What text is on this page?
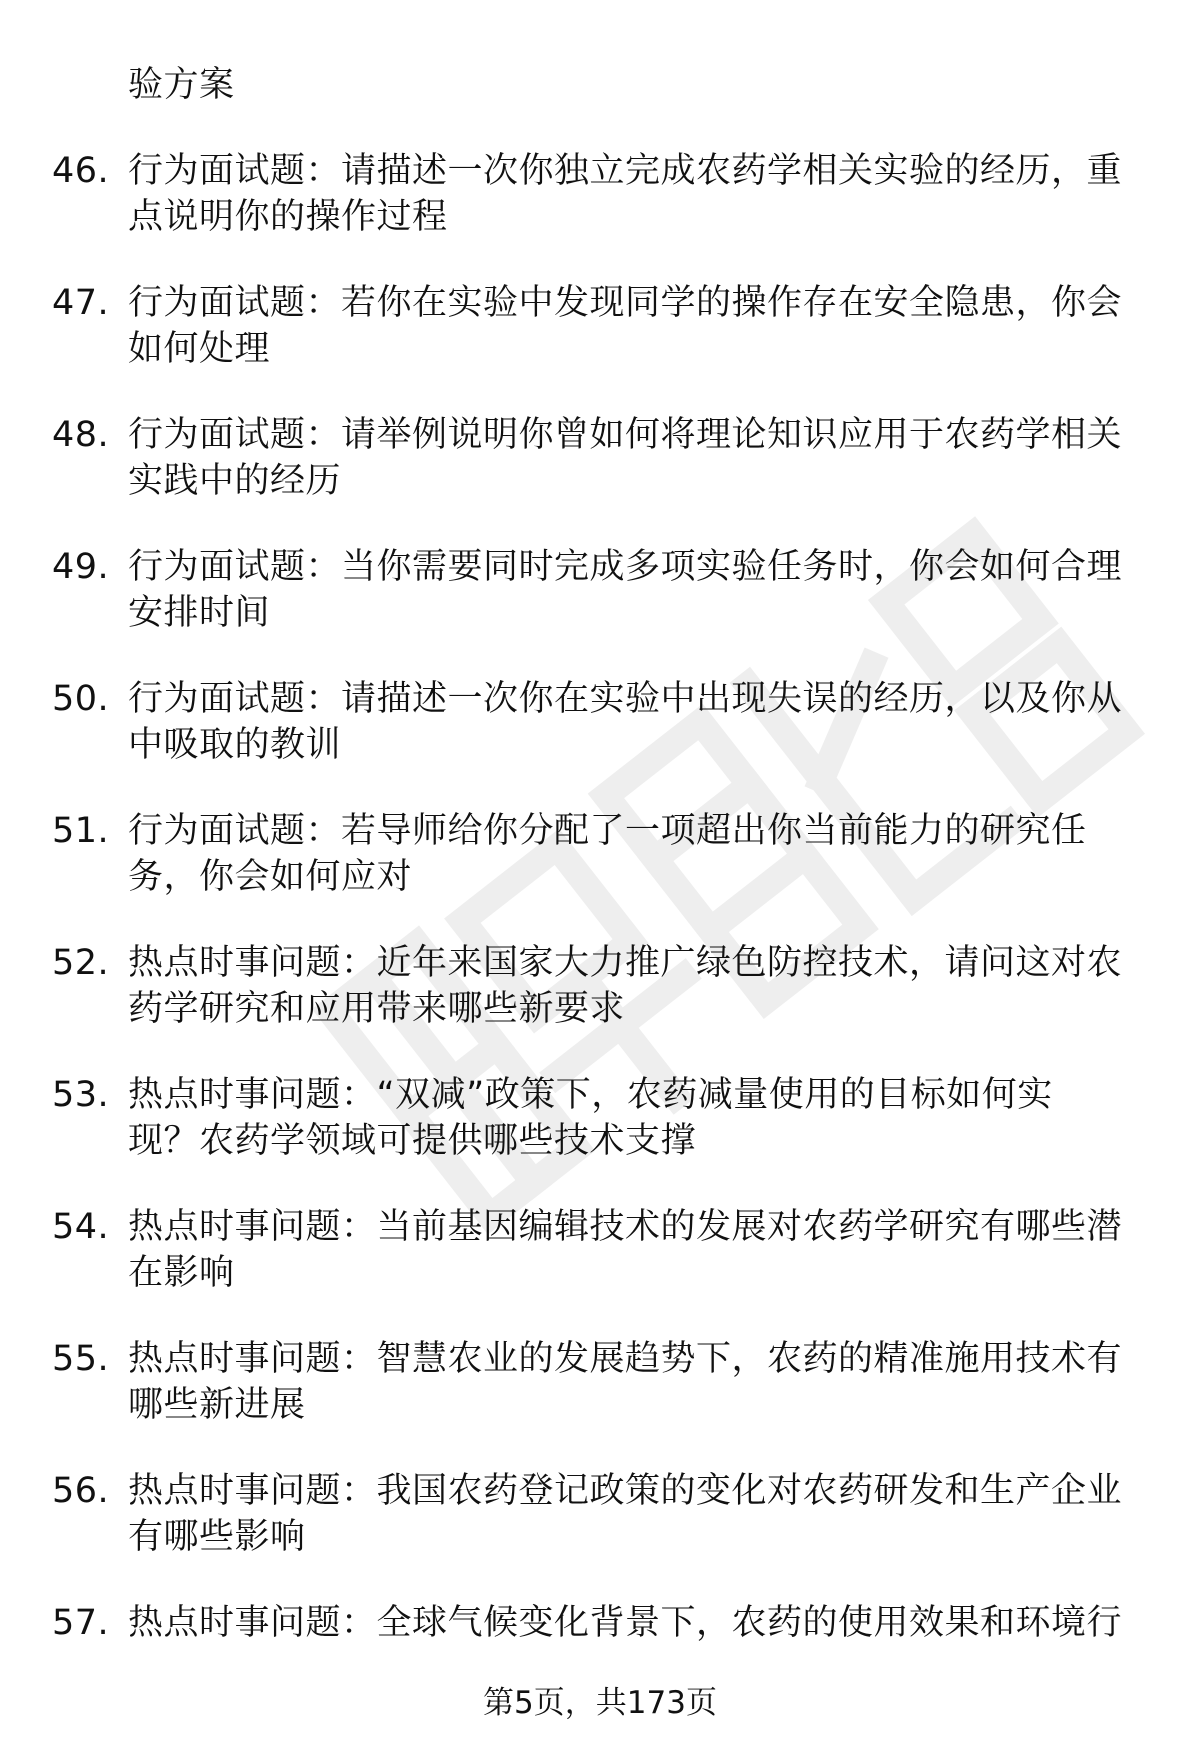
验方案
46. 行为面试题：请描述一次你独立完成农药学相关实验的经历，重
点说明你的操作过程
47. 行为面试题：若你在实验中发现同学的操作存在安全隐患，你会
如何处理
48. 行为面试题：请举例说明你曾如何将理论知识应用于农药学相关
实践中的经历
49. 行为面试题：当你需要同时完成多项实验任务时，你会如何合理
安排时间
50. 行为面试题：请描述一次你在实验中出现失误的经历，以及你从
中吸取的教训
51. 行为面试题：若导师给你分配了一项超出你当前能力的研究任
务，你会如何应对
52. 热点时事问题：近年来国家大力推广绿色防控技术，请问这对农
药学研究和应用带来哪些新要求
53. 热点时事问题：“双减”政策下，农药减量使用的目标如何实
现？农药学领域可提供哪些技术支撑
54. 热点时事问题：当前基因编辑技术的发展对农药学研究有哪些潜
在影响
55. 热点时事问题：智慧农业的发展趋势下，农药的精准施用技术有
哪些新进展
56. 热点时事问题：我国农药登记政策的变化对农药研发和生产企业
有哪些影响
57. 热点时事问题：全球气候变化背景下，农药的使用效果和环境行
第5页，共173页
